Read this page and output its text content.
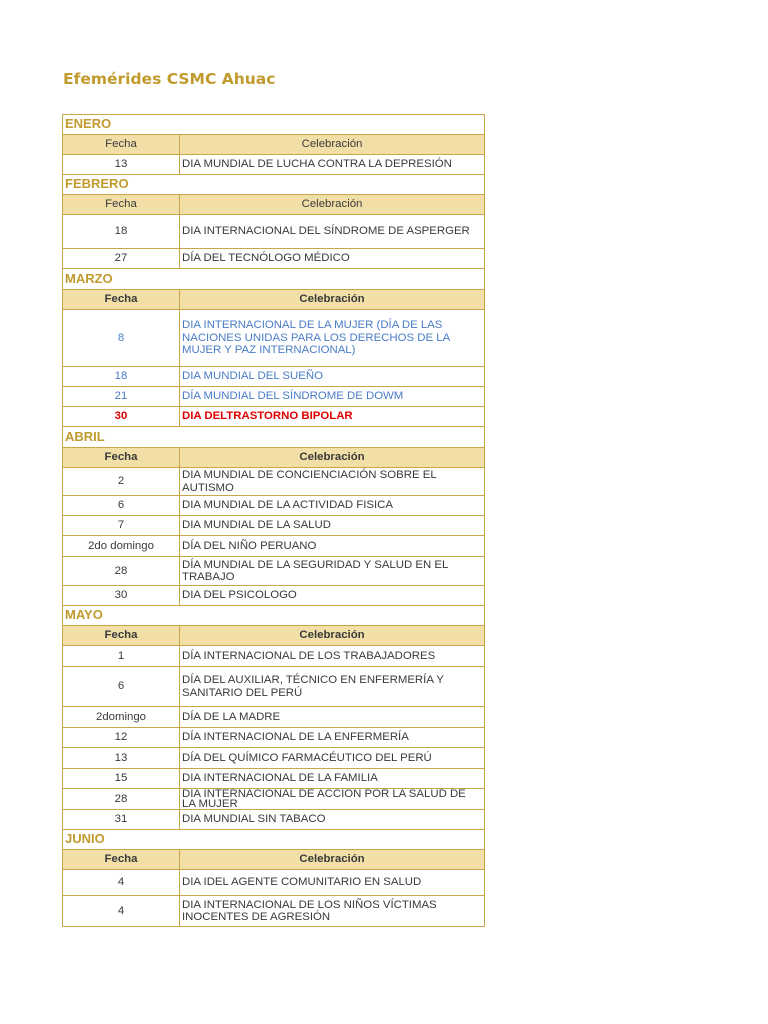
Efemérides CSMC Ahuac
ENERO	
Fecha	Celebración
13	DIA MUNDIAL DE LUCHA CONTRA LA DEPRESIÓN
FEBRERO	
Fecha	Celebración
18	DIA INTERNACIONAL DEL SÍNDROME DE ASPERGER
27	DÍA DEL TECNÓLOGO MÉDICO
MARZO	
Fecha	Celebración
8	DIA INTERNACIONAL DE LA MUJER (DÍA DE LAS NACIONES UNIDAS PARA LOS DERECHOS DE LA MUJER Y PAZ INTERNACIONAL)
18	DIA MUNDIAL DEL SUEÑO
21	DÍA MUNDIAL DEL SÍNDROME DE DOWM
30	DIA DELTRASTORNO BIPOLAR
ABRIL	
Fecha	Celebración
2	DIA MUNDIAL DE CONCIENCIACIÓN SOBRE EL AUTISMO
6	DIA MUNDIAL DE LA ACTIVIDAD FISICA
7	DIA MUNDIAL DE LA SALUD
2do domingo	DÍA DEL NIÑO PERUANO
28	DÍA MUNDIAL DE LA SEGURIDAD Y SALUD EN EL TRABAJO
30	DIA DEL PSICOLOGO
MAYO	
Fecha	Celebración
1	DÍA INTERNACIONAL DE LOS TRABAJADORES
6	DÍA DEL AUXILIAR, TÉCNICO EN ENFERMERÍA Y SANITARIO DEL PERÚ
2domingo	DÍA DE LA MADRE
12	DÍA INTERNACIONAL DE LA ENFERMERÍA
13	DÍA DEL QUÍMICO FARMACÉUTICO DEL PERÚ
15	DIA INTERNACIONAL DE LA FAMILIA
28	DIA INTERNACIONAL DE ACCION POR LA SALUD DE LA MUJER
31	DIA MUNDIAL SIN TABACO
JUNIO	
Fecha	Celebración
4	DIA IDEL AGENTE COMUNITARIO EN SALUD
4	DIA INTERNACIONAL DE LOS NIÑOS VÍCTIMAS INOCENTES DE AGRESIÓN
